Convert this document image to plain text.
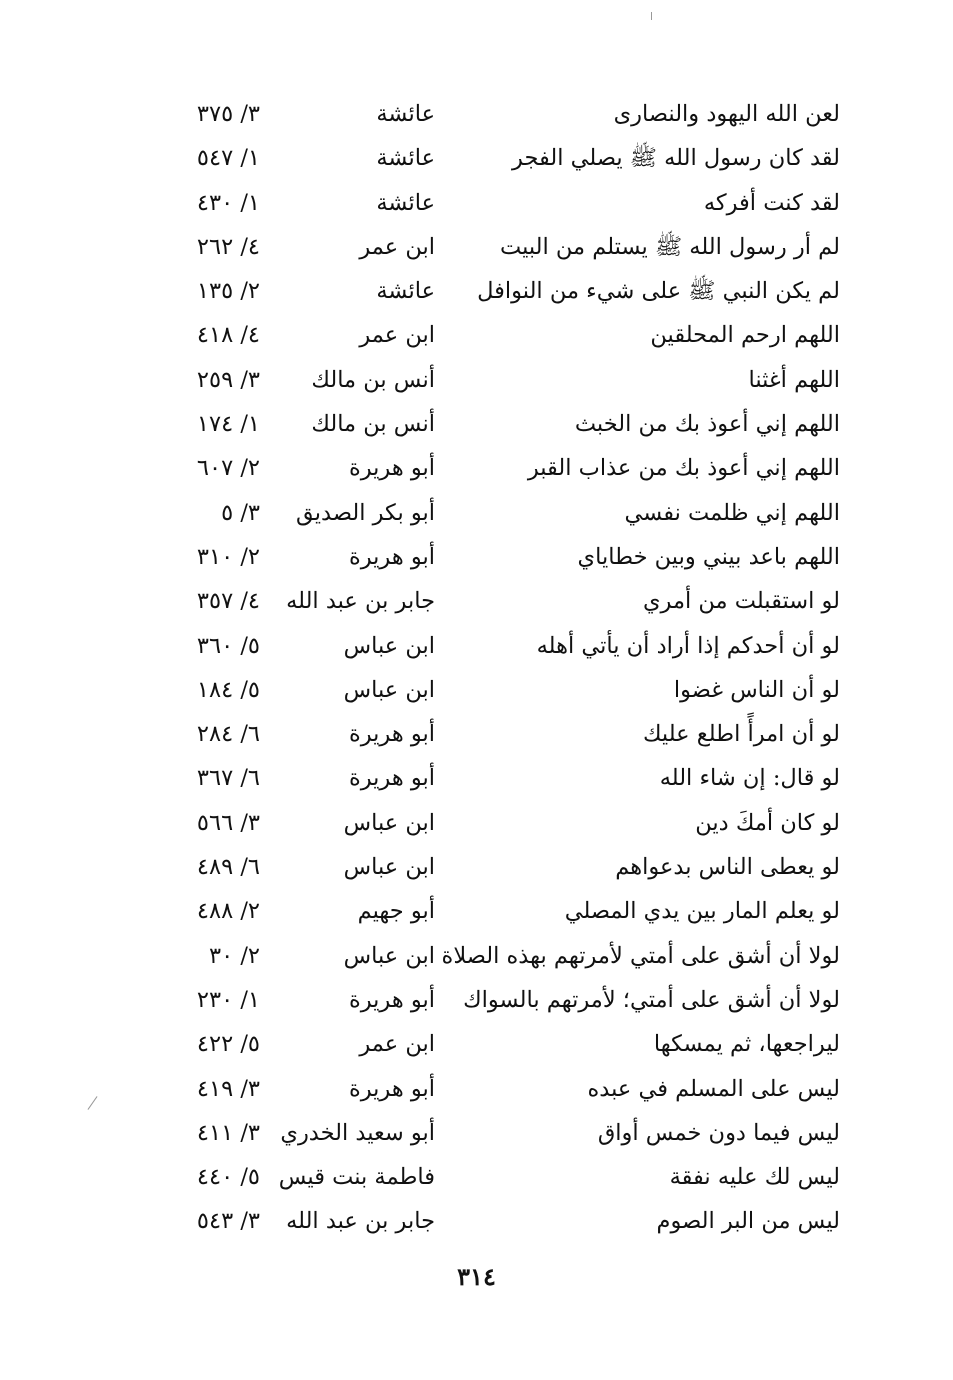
لعن الله اليهود والنصارى
عائشة
٣/ ٣٧٥
لقد كان رسول الله ﷺ يصلي الفجر
عائشة
١/ ٥٤٧
لقد كنت أفركه
عائشة
١/ ٤٣٠
لم أر رسول الله ﷺ يستلم من البيت
ابن عمر
٤/ ٢٦٢
لم يكن النبي ﷺ على شيء من النوافل
عائشة
٢/ ١٣٥
اللهم ارحم المحلقين
ابن عمر
٤/ ٤١٨
اللهم أغثنا
أنس بن مالك
٣/ ٢٥٩
اللهم إني أعوذ بك من الخبث
أنس بن مالك
١/ ١٧٤
اللهم إني أعوذ بك من عذاب القبر
أبو هريرة
٢/ ٦٠٧
اللهم إني ظلمت نفسي
أبو بكر الصديق
٣/ ٥
اللهم باعد بيني وبين خطاياي
أبو هريرة
٢/ ٣١٠
لو استقبلت من أمري
جابر بن عبد الله
٤/ ٣٥٧
لو أن أحدكم إذا أراد أن يأتي أهله
ابن عباس
٥/ ٣٦٠
لو أن الناس غضوا
ابن عباس
٥/ ١٨٤
لو أن امرأً اطلع عليك
أبو هريرة
٦/ ٢٨٤
لو قال: إن شاء الله
أبو هريرة
٦/ ٣٦٧
لو كان أمكَ دين
ابن عباس
٣/ ٥٦٦
لو يعطى الناس بدعواهم
ابن عباس
٦/ ٤٨٩
لو يعلم المار بين يدي المصلي
أبو جهيم
٢/ ٤٨٨
لولا أن أشق على أمتي لأمرتهم بهذه الصلاة
ابن عباس
٢/ ٣٠
لولا أن أشق على أمتي؛ لأمرتهم بالسواك
أبو هريرة
١/ ٢٣٠
ليراجعها، ثم يمسكها
ابن عمر
٥/ ٤٢٢
ليس على المسلم في عبده
أبو هريرة
٣/ ٤١٩
ليس فيما دون خمس أواق
أبو سعيد الخدري
٣/ ٤١١
ليس لك عليه نفقة
فاطمة بنت قيس
٥/ ٤٤٠
ليس من البر الصوم
جابر بن عبد الله
٣/ ٥٤٣
٣١٤
